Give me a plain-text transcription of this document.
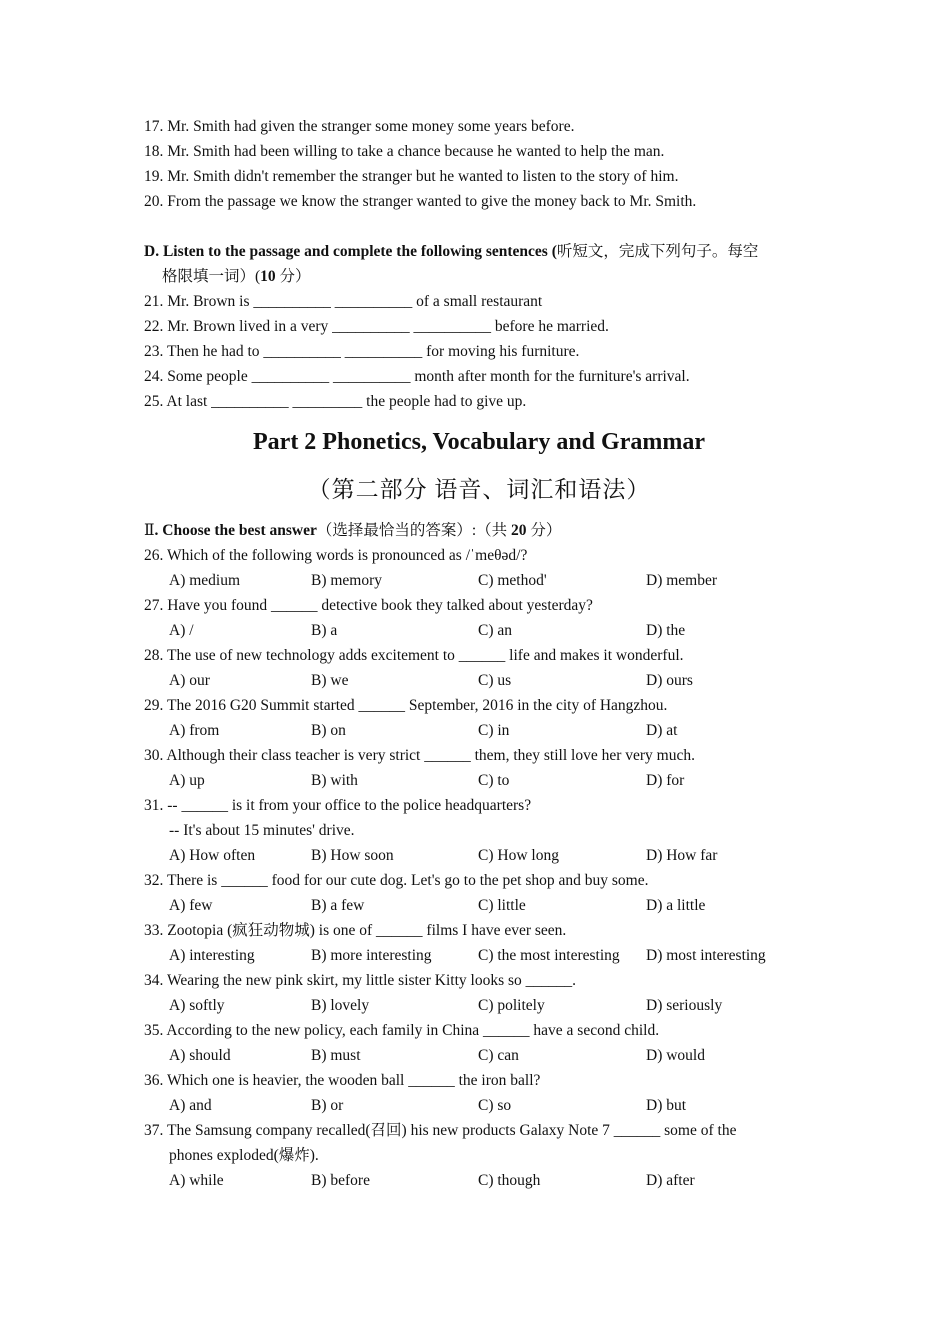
17. Mr. Smith had given the stranger some money some years before.
18. Mr. Smith had been willing to take a chance because he wanted to help the man.
19. Mr. Smith didn't remember the stranger but he wanted to listen to the story of him.
20. From the passage we know the stranger wanted to give the money back to Mr. Smith.
D. Listen to the passage and complete the following sentences (听短文，完成下列句子。每空
格限填一词）(10 分）
21. Mr. Brown is __________ __________ of a small restaurant
22. Mr. Brown lived in a very __________ __________ before he married.
23. Then he had to __________ __________ for moving his furniture.
24. Some people __________ __________ month after month for the furniture's arrival.
25. At last __________ _________ the people had to give up.
Part 2 Phonetics, Vocabulary and Grammar
（第二部分 语音、词汇和语法）
Ⅱ. Choose the best answer（选择最恰当的答案）:（共 20 分）
26. Which of the following words is pronounced as /ˈmeθəd/?
A) medium	B) memory	C) method'	D) member
27. Have you found ______ detective book they talked about yesterday?
A) /	B) a	C) an	D) the
28. The use of new technology adds excitement to ______ life and makes it wonderful.
A) our	B) we	C) us	D) ours
29. The 2016 G20 Summit started ______ September, 2016 in the city of Hangzhou.
A) from	B) on	C) in	D) at
30. Although their class teacher is very strict ______ them, they still love her very much.
A) up	B) with	C) to	D) for
31. -- ______ is it from your office to the police headquarters?
-- It's about 15 minutes' drive.
A) How often	B) How soon	C) How long	D) How far
32. There is ______ food for our cute dog. Let's go to the pet shop and buy some.
A) few	B) a few	C) little	D) a little
33. Zootopia (疯狂动物城) is one of ______ films I have ever seen.
A) interesting	B) more interesting	C) the most interesting	D) most interesting
34. Wearing the new pink skirt, my little sister Kitty looks so ______.
A) softly	B) lovely	C) politely	D) seriously
35. According to the new policy, each family in China ______ have a second child.
A) should	B) must	C) can	D) would
36. Which one is heavier, the wooden ball ______ the iron ball?
A) and	B) or	C) so	D) but
37. The Samsung company recalled(召回) his new products Galaxy Note 7 ______ some of the
phones exploded(爆炸).
A) while	B) before	C) though	D) after
